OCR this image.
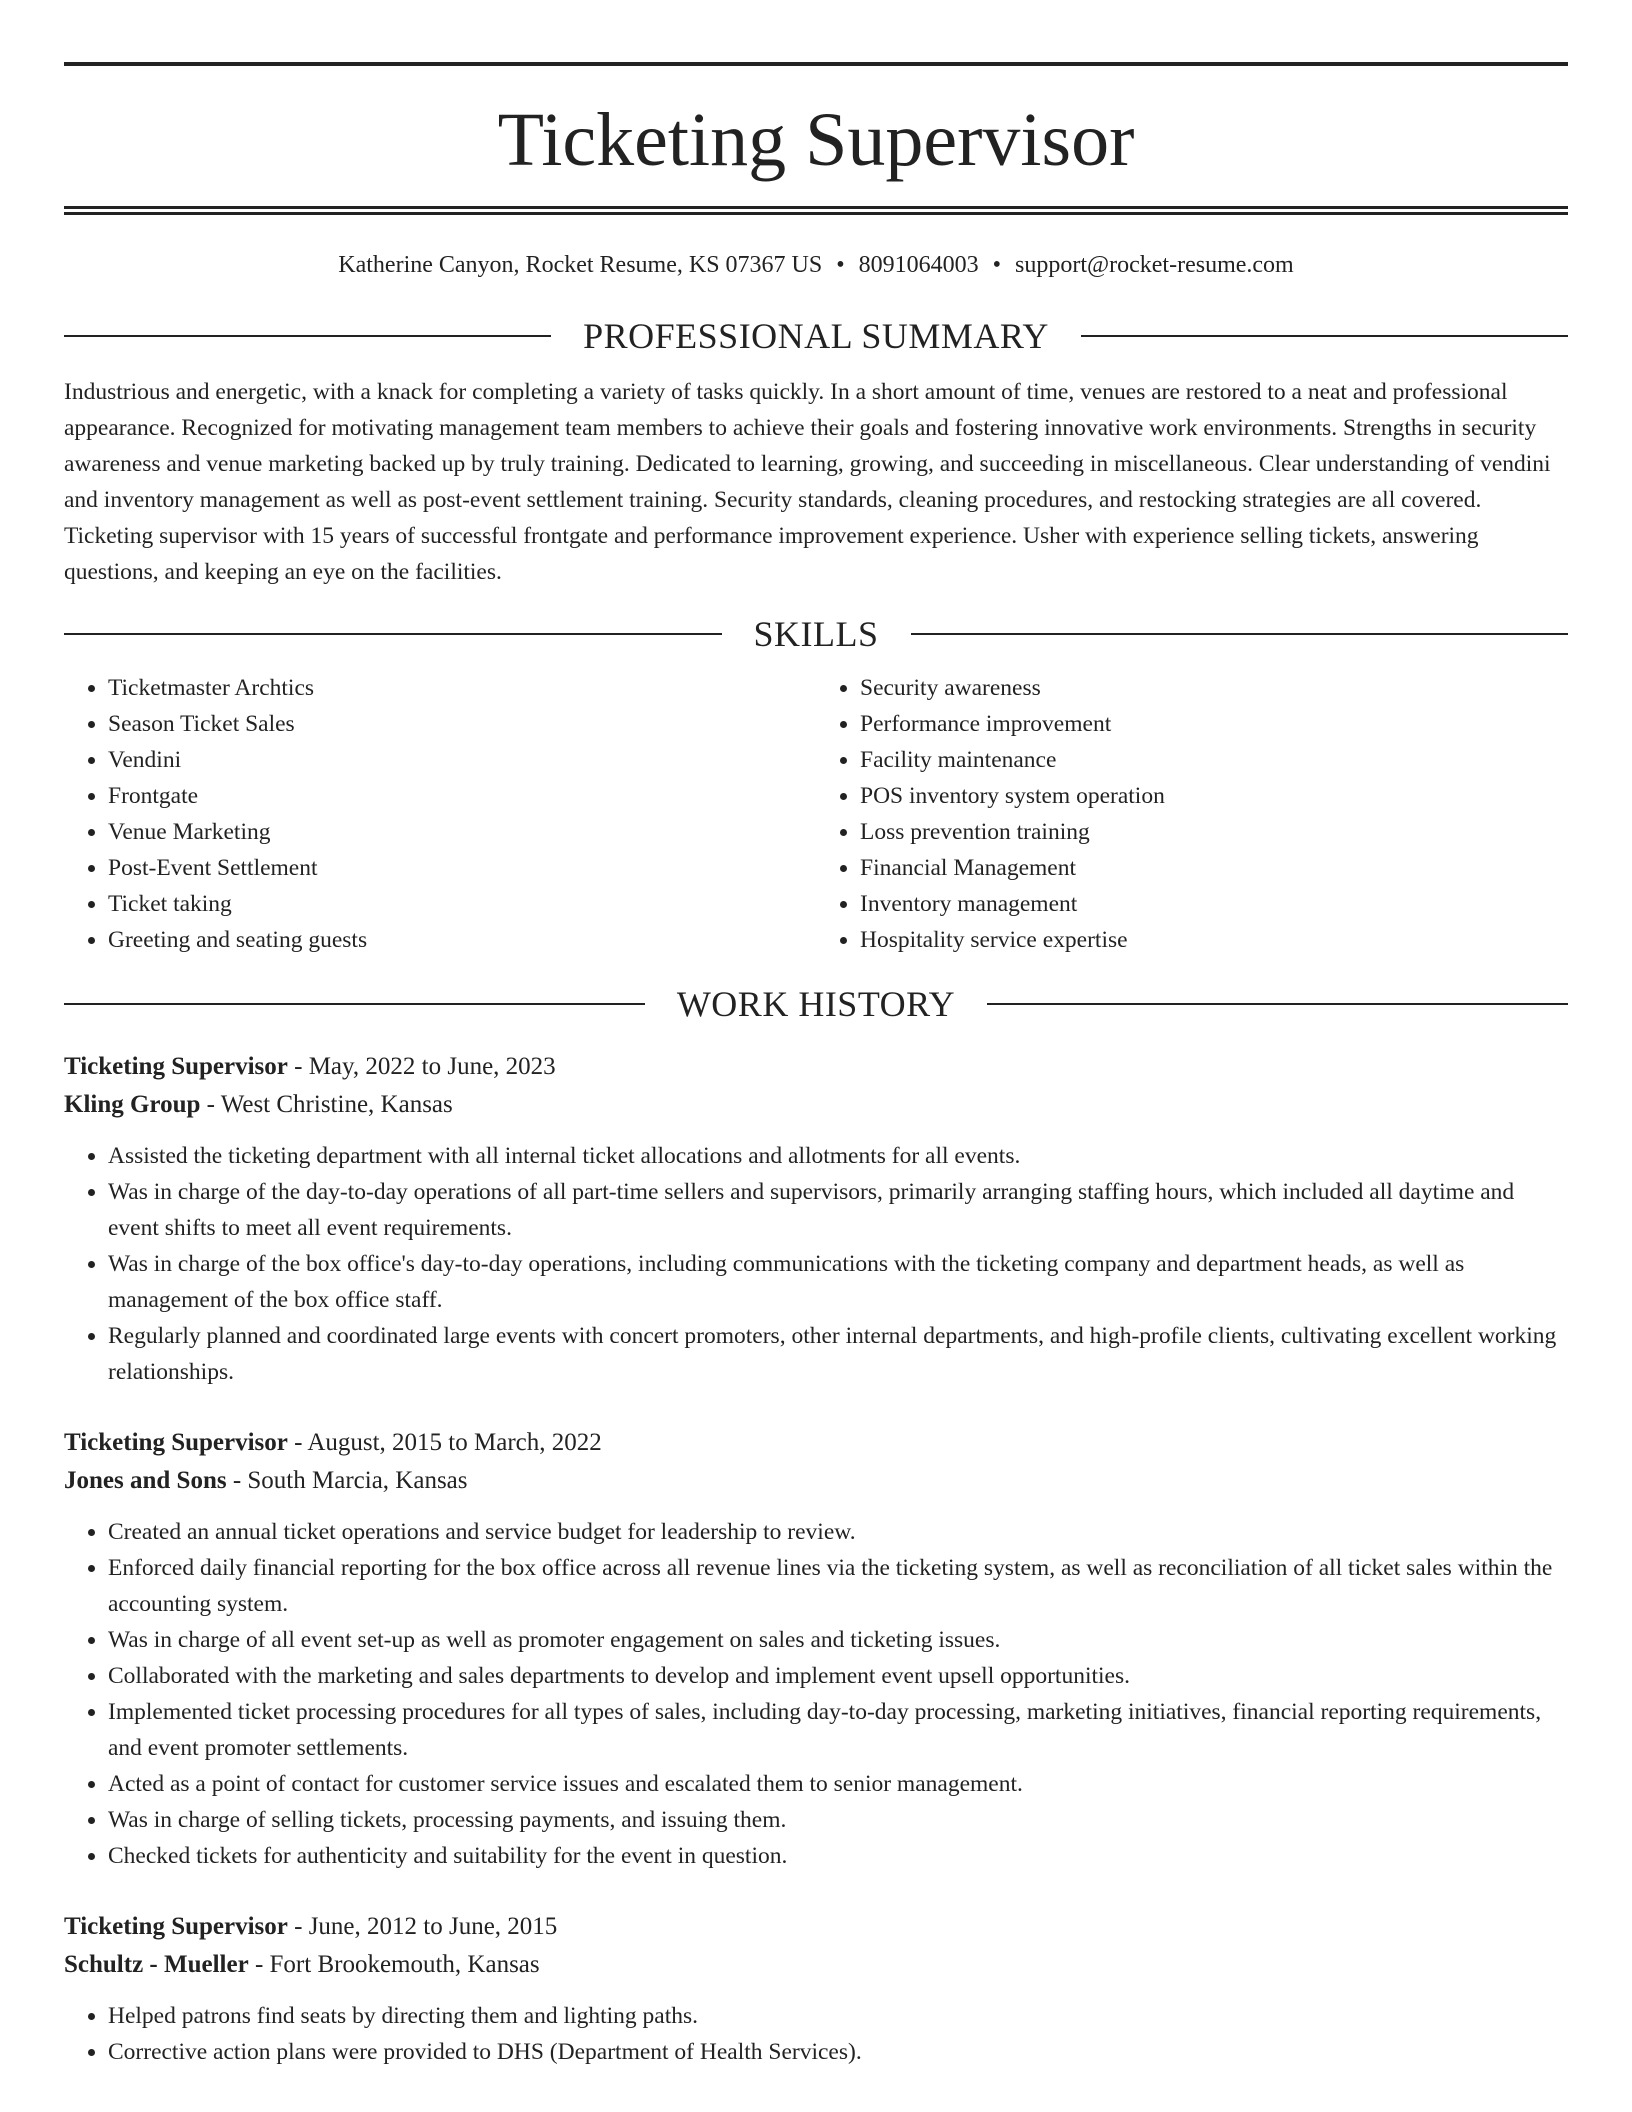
Ticketing Supervisor
Katherine Canyon, Rocket Resume, KS 07367 US • 8091064003 • support@rocket-resume.com
PROFESSIONAL SUMMARY

Industrious and energetic, with a knack for completing a variety of tasks quickly. In a short amount of time, venues are restored to a neat and professional appearance. Recognized for motivating management team members to achieve their goals and fostering innovative work environments. Strengths in security awareness and venue marketing backed up by truly training. Dedicated to learning, growing, and succeeding in miscellaneous. Clear understanding of vendini and inventory management as well as post-event settlement training. Security standards, cleaning procedures, and restocking strategies are all covered. Ticketing supervisor with 15 years of successful frontgate and performance improvement experience. Usher with experience selling tickets, answering questions, and keeping an eye on the facilities.

SKILLS
• Ticketmaster Archtics
• Season Ticket Sales
• Vendini
• Frontgate
• Venue Marketing
• Post-Event Settlement
• Ticket taking
• Greeting and seating guests
• Security awareness
• Performance improvement
• Facility maintenance
• POS inventory system operation
• Loss prevention training
• Financial Management
• Inventory management
• Hospitality service expertise
WORK HISTORY
Ticketing Supervisor - May, 2022 to June, 2023
Kling Group - West Christine, Kansas
• Assisted the ticketing department with all internal ticket allocations and allotments for all events.
• Was in charge of the day-to-day operations of all part-time sellers and supervisors, primarily arranging staffing hours, which included all daytime and event shifts to meet all event requirements.
• Was in charge of the box office's day-to-day operations, including communications with the ticketing company and department heads, as well as management of the box office staff.
• Regularly planned and coordinated large events with concert promoters, other internal departments, and high-profile clients, cultivating excellent working relationships.
Ticketing Supervisor - August, 2015 to March, 2022
Jones and Sons - South Marcia, Kansas
• Created an annual ticket operations and service budget for leadership to review.
• Enforced daily financial reporting for the box office across all revenue lines via the ticketing system, as well as reconciliation of all ticket sales within the accounting system.
• Was in charge of all event set-up as well as promoter engagement on sales and ticketing issues.
• Collaborated with the marketing and sales departments to develop and implement event upsell opportunities.
• Implemented ticket processing procedures for all types of sales, including day-to-day processing, marketing initiatives, financial reporting requirements, and event promoter settlements.
• Acted as a point of contact for customer service issues and escalated them to senior management.
• Was in charge of selling tickets, processing payments, and issuing them.
• Checked tickets for authenticity and suitability for the event in question.
Ticketing Supervisor - June, 2012 to June, 2015
Schultz - Mueller - Fort Brookemouth, Kansas
• Helped patrons find seats by directing them and lighting paths.
• Corrective action plans were provided to DHS (Department of Health Services).
